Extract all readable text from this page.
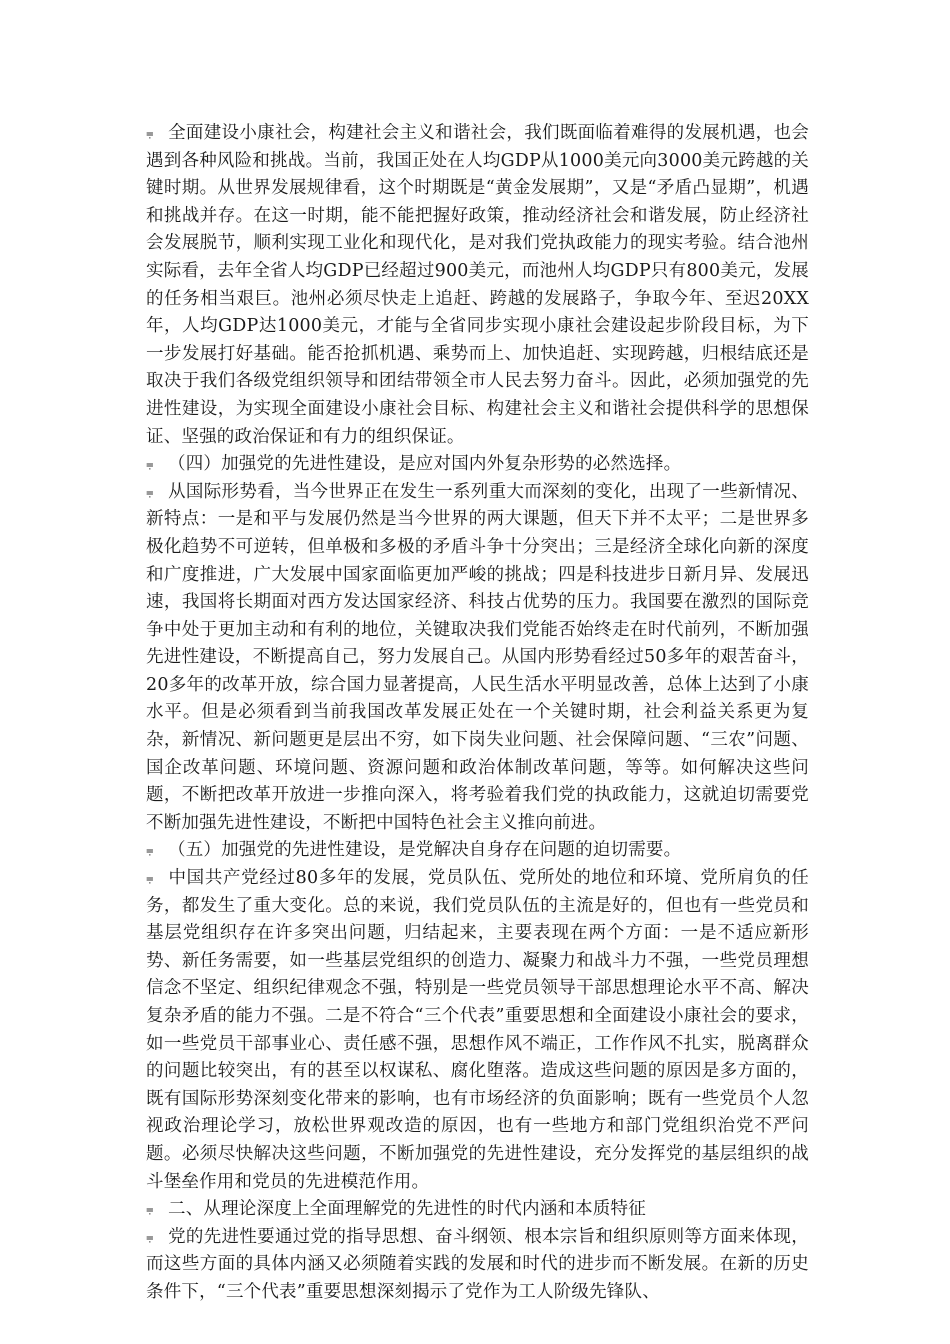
⩦ 全面建设小康社会，构建社会主义和谐社会，我们既面临着难得的发展机遇，也会遇到各种风险和挑战。当前，我国正处在人均GDP从1000美元向3000美元跨越的关键时期。从世界发展规律看，这个时期既是“黄金发展期”，又是“矛盾凸显期”，机遇和挑战并存。在这一时期，能不能把握好政策，推动经济社会和谐发展，防止经济社会发展脱节，顺利实现工业化和现代化，是对我们党执政能力的现实考验。结合池州实际看，去年全省人均GDP已经超过900美元，而池州人均GDP只有800美元，发展的任务相当艰巨。池州必须尽快走上追赶、跨越的发展路子，争取今年、至迟20XX年，人均GDP达1000美元，才能与全省同步实现小康社会建设起步阶段目标，为下一步发展打好基础。能否抢抓机遇、乘势而上、加快追赶、实现跨越，归根结底还是取决于我们各级党组织领导和团结带领全市人民去努力奋斗。因此，必须加强党的先进性建设，为实现全面建设小康社会目标、构建社会主义和谐社会提供科学的思想保证、坚强的政治保证和有力的组织保证。

⩦ （四）加强党的先进性建设，是应对国内外复杂形势的必然选择。

⩦ 从国际形势看，当今世界正在发生一系列重大而深刻的变化，出现了一些新情况、新特点：一是和平与发展仍然是当今世界的两大课题，但天下并不太平；二是世界多极化趋势不可逆转，但单极和多极的矛盾斗争十分突出；三是经济全球化向新的深度和广度推进，广大发展中国家面临更加严峻的挑战；四是科技进步日新月异、发展迅速，我国将长期面对西方发达国家经济、科技占优势的压力。我国要在激烈的国际竞争中处于更加主动和有利的地位，关键取决我们党能否始终走在时代前列，不断加强先进性建设，不断提高自己，努力发展自己。从国内形势看经过50多年的艰苦奋斗，20多年的改革开放，综合国力显著提高，人民生活水平明显改善，总体上达到了小康水平。但是必须看到当前我国改革发展正处在一个关键时期，社会利益关系更为复杂，新情况、新问题更是层出不穷，如下岗失业问题、社会保障问题、“三农”问题、国企改革问题、环境问题、资源问题和政治体制改革问题，等等。如何解决这些问题，不断把改革开放进一步推向深入，将考验着我们党的执政能力，这就迫切需要党不断加强先进性建设，不断把中国特色社会主义推向前进。

⩦ （五）加强党的先进性建设，是党解决自身存在问题的迫切需要。

⩦ 中国共产党经过80多年的发展，党员队伍、党所处的地位和环境、党所肩负的任务，都发生了重大变化。总的来说，我们党员队伍的主流是好的，但也有一些党员和基层党组织存在许多突出问题，归结起来，主要表现在两个方面：一是不适应新形势、新任务需要，如一些基层党组织的创造力、凝聚力和战斗力不强，一些党员理想信念不坚定、组织纪律观念不强，特别是一些党员领导干部思想理论水平不高、解决复杂矛盾的能力不强。二是不符合“三个代表”重要思想和全面建设小康社会的要求，如一些党员干部事业心、责任感不强，思想作风不端正，工作作风不扎实，脱离群众的问题比较突出，有的甚至以权谋私、腐化堕落。造成这些问题的原因是多方面的，既有国际形势深刻变化带来的影响，也有市场经济的负面影响；既有一些党员个人忽视政治理论学习，放松世界观改造的原因，也有一些地方和部门党组织治党不严问题。必须尽快解决这些问题，不断加强党的先进性建设，充分发挥党的基层组织的战斗堡垒作用和党员的先进模范作用。

⩦ 二、从理论深度上全面理解党的先进性的时代内涵和本质特征

⩦ 党的先进性要通过党的指导思想、奋斗纲领、根本宗旨和组织原则等方面来体现，而这些方面的具体内涵又必须随着实践的发展和时代的进步而不断发展。在新的历史条件下，“三个代表”重要思想深刻揭示了党作为工人阶级先锋队、
